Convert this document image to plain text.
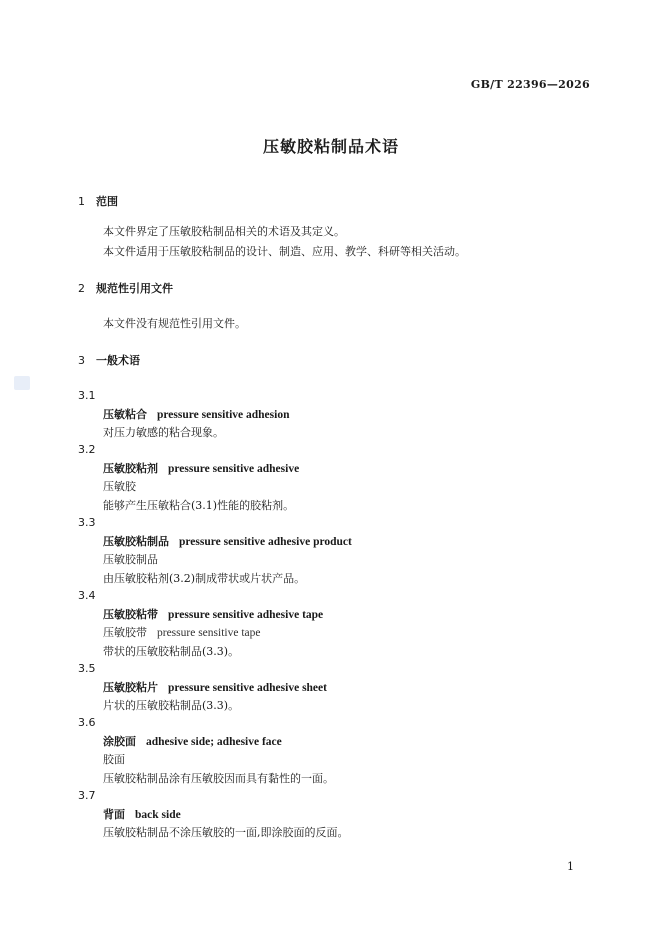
GB/T 22396—2026
压敏胶粘制品术语
1 范围
本文件界定了压敏胶粘制品相关的术语及其定义。
本文件适用于压敏胶粘制品的设计、制造、应用、教学、科研等相关活动。
2 规范性引用文件
本文件没有规范性引用文件。
3 一般术语
3.1
压敏粘合 pressure sensitive adhesion
对压力敏感的粘合现象。
3.2
压敏胶粘剂 pressure sensitive adhesive
压敏胶
能够产生压敏粘合(3.1)性能的胶粘剂。
3.3
压敏胶粘制品 pressure sensitive adhesive product
压敏胶制品
由压敏胶粘剂(3.2)制成带状或片状产品。
3.4
压敏胶粘带 pressure sensitive adhesive tape
压敏胶带 pressure sensitive tape
带状的压敏胶粘制品(3.3)。
3.5
压敏胶粘片 pressure sensitive adhesive sheet
片状的压敏胶粘制品(3.3)。
3.6
涂胶面 adhesive side; adhesive face
胶面
压敏胶粘制品涂有压敏胶因而具有黏性的一面。
3.7
背面 back side
压敏胶粘制品不涂压敏胶的一面,即涂胶面的反面。
1
